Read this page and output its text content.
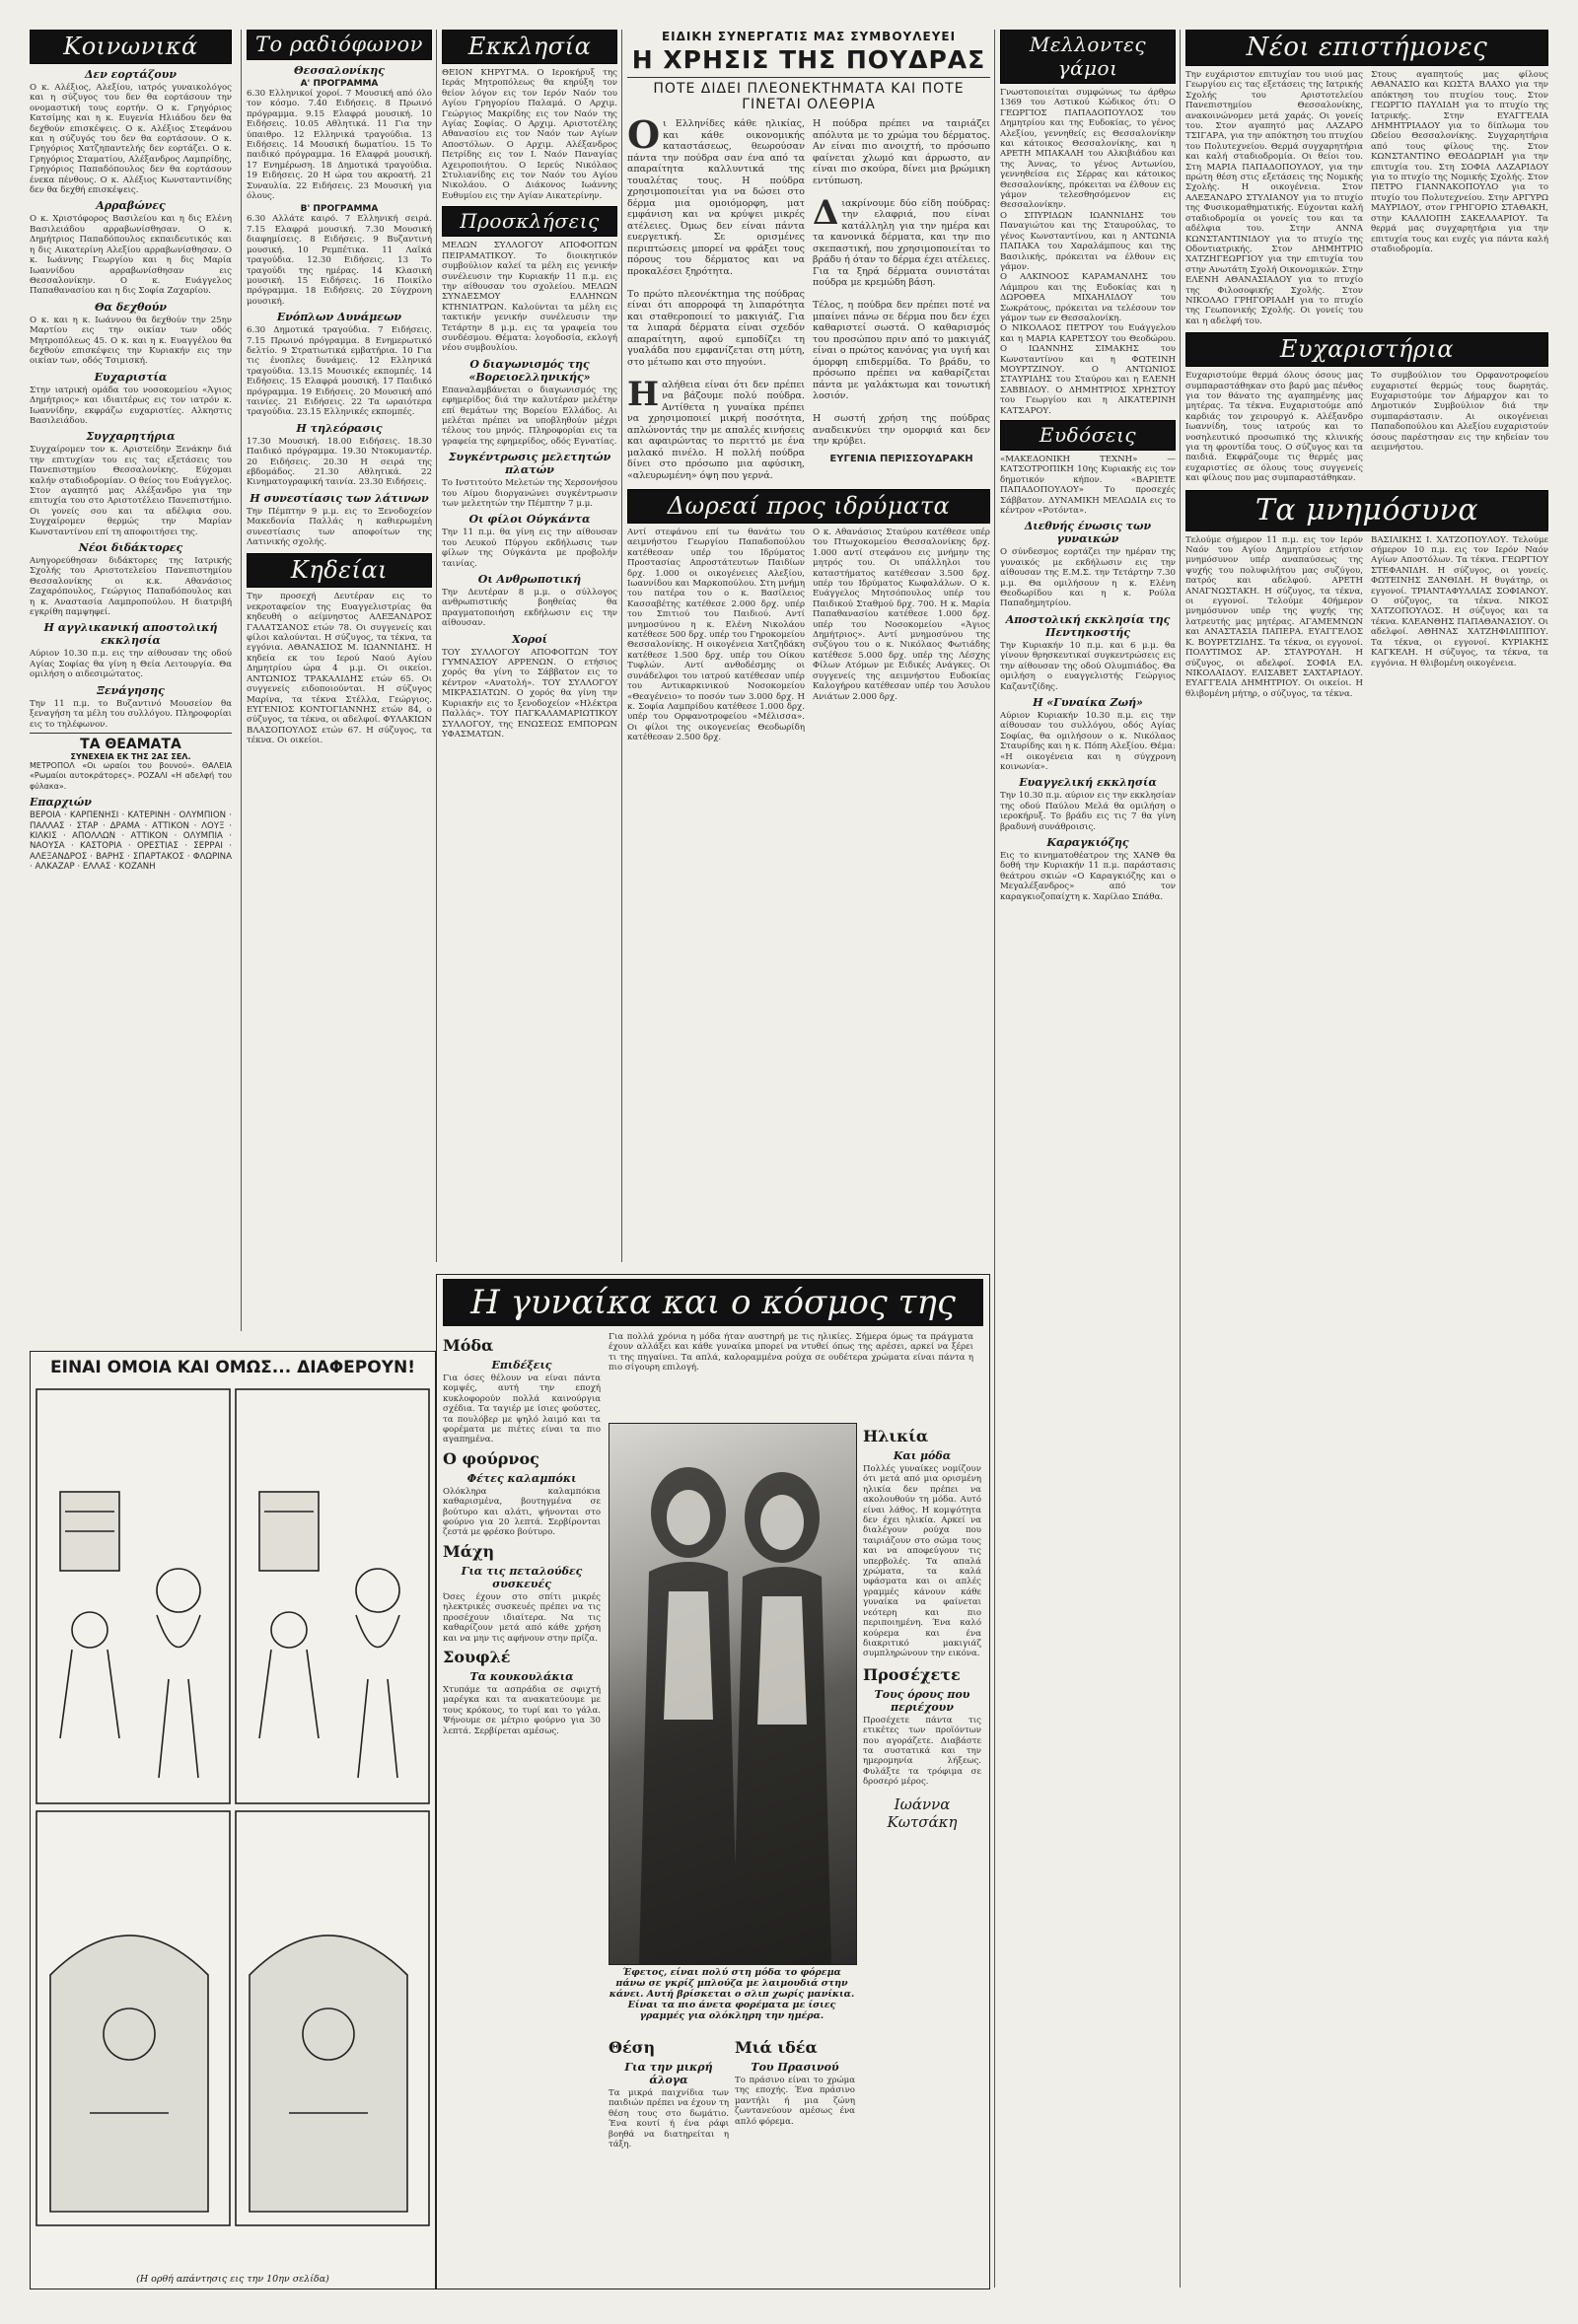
Κοινωνικά
Δεν εορτάζουν
Ο κ. Αλέξιος, Αλεξίου, ιατρός γυναικολόγος και η σύζυγος του δεν θα εορτάσουν την ονομαστική τους εορτήν. Ο κ. Γρηγόριος Κατσίμης και η κ. Ευγενία Ηλιάδου δεν θα δεχθούν επισκέψεις. Ο κ. Αλέξιος Στεφάνου και η σύζυγός του δεν θα εορτάσουν. Ο κ. Γρηγόριος Χατζηπαντελής δεν εορτάζει. Ο κ. Γρηγόριος Σταματίου, Αλέξανδρος Λαμπρίδης, Γρηγόριος Παπαδόπουλος δεν θα εορτάσουν ένεκα πένθους. Ο κ. Αλέξιος Κωνσταντινίδης δεν θα δεχθή επισκέψεις.
Αρραβώνες
Ο κ. Χριστόφορος Βασιλείου και η δις Ελένη Βασιλειάδου αρραβωνίσθησαν. Ο κ. Δημήτριος Παπαδόπουλος εκπαιδευτικός και η δις Αικατερίνη Αλεξίου αρραβωνίσθησαν. Ο κ. Ιωάννης Γεωργίου και η δις Μαρία Ιωαννίδου αρραβωνίσθησαν εις Θεσσαλονίκην. Ο κ. Ευάγγελος Παπαθανασίου και η δις Σοφία Ζαχαρίου.
Θα δεχθούν
Ο κ. και η κ. Ιωάννου θα δεχθούν την 25ην Μαρτίου εις την οικίαν των οδός Μητροπόλεως 45. Ο κ. και η κ. Ευαγγέλου θα δεχθούν επισκέψεις την Κυριακήν εις την οικίαν των, οδός Τσιμισκή.
Ευχαριστία
Στην ιατρική ομάδα του νοσοκομείου «Άγιος Δημήτριος» και ιδιαιτέρως εις τον ιατρόν κ. Ιωαννίδην, εκφράζω ευχαριστίες. Αλκηστις Βασιλειάδου.
Συγχαρητήρια
Συγχαίρομεν τον κ. Αριστείδην Ξενάκην διά την επιτυχίαν του εις τας εξετάσεις του Πανεπιστημίου Θεσσαλονίκης. Εύχομαι καλήν σταδιοδρομίαν. Ο θείος του Ευάγγελος. Στον αγαπητό μας Αλέξανδρο για την επιτυχία του στο Αριστοτέλειο Πανεπιστήμιο. Οι γονείς σου και τα αδέλφια σου. Συγχαίρομεν θερμώς την Μαρίαν Κωνσταντίνου επί τη αποφοιτήσει της.
Νέοι διδάκτορες
Ανηγορεύθησαν διδάκτορες της Ιατρικής Σχολής του Αριστοτελείου Πανεπιστημίου Θεσσαλονίκης οι κ.κ. Αθανάσιος Ζαχαρόπουλος, Γεώργιος Παπαδόπουλος και η κ. Αναστασία Λαμπροπούλου. Η διατριβή εγκρίθη παμψηφεί.
Η αγγλικανική αποστολική εκκλησία
Αύριον 10.30 π.μ. εις την αίθουσαν της οδού Αγίας Σοφίας θα γίνη η Θεία Λειτουργία. Θα ομιλήση ο αιδεσιμώτατος.
Ξενάγησης
Την 11 π.μ. το Βυζαντινό Μουσείον θα ξεναγήση τα μέλη του συλλόγου. Πληροφορίαι εις το τηλέφωνον.
ΤΑ ΘΕΑΜΑΤΑ
ΣΥΝΕΧΕΙΑ ΕΚ ΤΗΣ 2ΑΣ ΣΕΛ.
ΜΕΤΡΟΠΟΛ «Οι ωραίοι του βουνού». ΘΑΛΕΙΑ «Ρωμαίοι αυτοκράτορες». ΡΟΖΑΛΙ «Η αδελφή του φύλακα».
Επαρχιών
ΒΕΡΟΙΑ · ΚΑΡΠΕΝΗΣΙ · ΚΑΤΕΡΙΝΗ · ΟΛΥΜΠΙΟΝ · ΠΑΛΛΑΣ · ΣΤΑΡ · ΔΡΑΜΑ · ΑΤΤΙΚΟΝ · ΛΟΥΞ · ΚΙΛΚΙΣ · ΑΠΟΛΛΩΝ · ΑΤΤΙΚΟΝ · ΟΛΥΜΠΙΑ · ΝΑΟΥΣΑ · ΚΑΣΤΟΡΙΑ · ΟΡΕΣΤΙΑΣ · ΣΕΡΡΑΙ · ΑΛΕΞΑΝΔΡΟΣ · ΒΑΡΗΣ · ΣΠΑΡΤΑΚΟΣ · ΦΛΩΡΙΝΑ · ΑΛΚΑΖΑΡ · ΕΛΛΑΣ · ΚΟΖΑΝΗ
ΕΙΝΑΙ ΟΜΟΙΑ ΚΑΙ ΟΜΩΣ... ΔΙΑΦΕΡΟΥΝ!
(Η ορθή απάντησις εις την 10ην σελίδα)
Το ραδιόφωνον
Θεσσαλονίκης
Α' ΠΡΟΓΡΑΜΜΑ
6.30 Ελληνικοί χοροί. 7 Μουσική από όλο τον κόσμο. 7.40 Ειδήσεις. 8 Πρωινό πρόγραμμα. 9.15 Ελαφρά μουσική. 10 Ειδήσεις. 10.05 Αθλητικά. 11 Για την ύπαιθρο. 12 Ελληνικά τραγούδια. 13 Ειδήσεις. 14 Μουσική δωματίου. 15 Το παιδικό πρόγραμμα. 16 Ελαφρά μουσική. 17 Ενημέρωση. 18 Δημοτικά τραγούδια. 19 Ειδήσεις. 20 Η ώρα του ακροατή. 21 Συναυλία. 22 Ειδήσεις. 23 Μουσική για όλους.
Β' ΠΡΟΓΡΑΜΜΑ
6.30 Αλλάτε καιρό. 7 Ελληνική σειρά. 7.15 Ελαφρά μουσική. 7.30 Μουσική διαφημίσεις. 8 Ειδήσεις. 9 Βυζαντινή μουσική. 10 Ρεμπέτικα. 11 Λαϊκά τραγούδια. 12.30 Ειδήσεις. 13 Το τραγούδι της ημέρας. 14 Κλασική μουσική. 15 Ειδήσεις. 16 Ποικίλο πρόγραμμα. 18 Ειδήσεις. 20 Σύγχρονη μουσική.
Ενόπλων Δυνάμεων
6.30 Δημοτικά τραγούδια. 7 Ειδήσεις. 7.15 Πρωινό πρόγραμμα. 8 Ενημερωτικό δελτίο. 9 Στρατιωτικά εμβατήρια. 10 Για τις ένοπλες δυνάμεις. 12 Ελληνικά τραγούδια. 13.15 Μουσικές εκπομπές. 14 Ειδήσεις. 15 Ελαφρά μουσική. 17 Παιδικό πρόγραμμα. 19 Ειδήσεις. 20 Μουσική από ταινίες. 21 Ειδήσεις. 22 Τα ωραιότερα τραγούδια. 23.15 Ελληνικές εκπομπές.
Η τηλεόρασις
17.30 Μουσική. 18.00 Ειδήσεις. 18.30 Παιδικό πρόγραμμα. 19.30 Ντοκυμαντέρ. 20 Ειδήσεις. 20.30 Η σειρά της εβδομάδος. 21.30 Αθλητικά. 22 Κινηματογραφική ταινία. 23.30 Ειδήσεις.
Η συνεστίασις των λάτινων
Την Πέμπτην 9 μ.μ. εις το Ξενοδοχείον Μακεδονία Παλλάς η καθιερωμένη συνεστίασις των αποφοίτων της Λατινικής σχολής.
Κηδείαι
Την προσεχή Δευτέραν εις το νεκροταφείον της Ευαγγελιστρίας θα κηδευθή ο αείμνηστος ΑΛΕΞΑΝΔΡΟΣ ΓΑΛΑΤΣΑΝΟΣ ετών 78. Οι συγγενείς και φίλοι καλούνται. Η σύζυγος, τα τέκνα, τα εγγόνια. ΑΘΑΝΑΣΙΟΣ Μ. ΙΩΑΝΝΙΔΗΣ. Η κηδεία εκ του Ιερού Ναού Αγίου Δημητρίου ώρα 4 μ.μ. Οι οικείοι. ΑΝΤΩΝΙΟΣ ΤΡΑΚΑΛΙΔΗΣ ετών 65. Οι συγγενείς ειδοποιούνται. Η σύζυγος Μαρίνα, τα τέκνα Στέλλα, Γεώργιος. ΕΥΓΕΝΙΟΣ ΚΟΝΤΟΓΙΑΝΝΗΣ ετών 84, ο σύζυγος, τα τέκνα, οι αδελφοί. ΦΥΛΑΚΙΩΝ ΒΛΑΣΟΠΟΥΛΟΣ ετών 67. Η σύζυγος, τα τέκνα. Οι οικείοι.
Εκκλησία
ΘΕΙΟΝ ΚΗΡΥΓΜΑ. Ο Ιεροκήρυξ της Ιεράς Μητροπόλεως θα κηρύξη τον θείον λόγον εις τον Ιερόν Ναόν του Αγίου Γρηγορίου Παλαμά. Ο Αρχιμ. Γεώργιος Μακρίδης εις τον Ναόν της Αγίας Σοφίας. Ο Αρχιμ. Αριστοτέλης Αθανασίου εις τον Ναόν των Αγίων Αποστόλων. Ο Αρχιμ. Αλέξανδρος Πετρίδης εις τον Ι. Ναόν Παναγίας Αχειροποιήτου. Ο Ιερεύς Νικόλαος Στυλιανίδης εις τον Ναόν του Αγίου Νικολάου. Ο Διάκονος Ιωάννης Ευθυμίου εις την Αγίαν Αικατερίνην.
Προσκλήσεις
ΜΕΛΩΝ ΣΥΛΛΟΓΟΥ ΑΠΟΦΟΙΤΩΝ ΠΕΙΡΑΜΑΤΙΚΟΥ. Το διοικητικόν συμβούλιον καλεί τα μέλη εις γενικήν συνέλευσιν την Κυριακήν 11 π.μ. εις την αίθουσαν του σχολείου. ΜΕΛΩΝ ΣΥΝΔΕΣΜΟΥ ΕΛΛΗΝΩΝ ΚΤΗΝΙΑΤΡΩΝ. Καλούνται τα μέλη εις τακτικήν γενικήν συνέλευσιν την Τετάρτην 8 μ.μ. εις τα γραφεία του συνδέσμου. Θέματα: λογοδοσία, εκλογή νέου συμβουλίου.
Ο διαγωνισμός της «Βορειοελληνικής»
Επαναλαμβάνεται ο διαγωνισμός της εφημερίδος διά την καλυτέραν μελέτην επί θεμάτων της Βορείου Ελλάδος. Αι μελέται πρέπει να υποβληθούν μέχρι τέλους του μηνός. Πληροφορίαι εις τα γραφεία της εφημερίδος, οδός Εγνατίας.
Συγκέντρωσις μελετητών πλατών
Το Ινστιτούτο Μελετών της Χερσονήσου του Αίμου διοργανώνει συγκέντρωσιν των μελετητών την Πέμπτην 7 μ.μ.
Οι φίλοι Ούγκάντα
Την 11 π.μ. θα γίνη εις την αίθουσαν του Λευκού Πύργου εκδήλωσις των φίλων της Ούγκάντα με προβολήν ταινίας.
Οι Ανθρωποτική
Την Δευτέραν 8 μ.μ. ο σύλλογος ανθρωπιστικής βοηθείας θα πραγματοποιήση εκδήλωσιν εις την αίθουσαν.
Χοροί
ΤΟΥ ΣΥΛΛΟΓΟΥ ΑΠΟΦΟΙΤΩΝ ΤΟΥ ΓΥΜΝΑΣΙΟΥ ΑΡΡΕΝΩΝ. Ο ετήσιος χορός θα γίνη το Σάββατον εις το κέντρον «Ανατολή». ΤΟΥ ΣΥΛΛΟΓΟΥ ΜΙΚΡΑΣΙΑΤΩΝ. Ο χορός θα γίνη την Κυριακήν εις το ξενοδοχείον «Ηλέκτρα Παλλάς». ΤΟΥ ΠΑΓΚΑΛΑΜΑΡΙΩΤΙΚΟΥ ΣΥΛΛΟΓΟΥ, της ΕΝΩΣΕΩΣ ΕΜΠΟΡΩΝ ΥΦΑΣΜΑΤΩΝ.
ΕΙΔΙΚΗ ΣΥΝΕΡΓΑΤΙΣ ΜΑΣ ΣΥΜΒΟΥΛΕΥΕΙ
Η ΧΡΗΣΙΣ ΤΗΣ ΠΟΥΔΡΑΣ
ΠΟΤΕ ΔΙΔΕΙ ΠΛΕΟΝΕΚΤΗΜΑΤΑ ΚΑΙ ΠΟΤΕ ΓΙΝΕΤΑΙ ΟΛΕΘΡΙΑ
Οι Ελληνίδες κάθε ηλικίας, και κάθε οικονομικής καταστάσεως, θεωρούσαν πάντα την πούδρα σαν ένα από τα απαραίτητα καλλυντικά της τουαλέτας τους. Η πούδρα χρησιμοποιείται για να δώσει στο δέρμα μια ομοιόμορφη, ματ εμφάνιση και να κρύψει μικρές ατέλειες. Όμως δεν είναι πάντα ευεργετική. Σε ορισμένες περιπτώσεις μπορεί να φράξει τους πόρους του δέρματος και να προκαλέσει ξηρότητα.

Το πρώτο πλεονέκτημα της πούδρας είναι ότι απορροφά τη λιπαρότητα και σταθεροποιεί το μακιγιάζ. Για τα λιπαρά δέρματα είναι σχεδόν απαραίτητη, αφού εμποδίζει τη γυαλάδα που εμφανίζεται στη μύτη, στο μέτωπο και στο πηγούνι.

Η αλήθεια είναι ότι δεν πρέπει να βάζουμε πολύ πούδρα. Αντίθετα η γυναίκα πρέπει να χρησιμοποιεί μικρή ποσότητα, απλώνοντάς την με απαλές κινήσεις και αφαιρώντας το περιττό με ένα μαλακό πινέλο. Η πολλή πούδρα δίνει στο πρόσωπο μια αφύσικη, «αλευρωμένη» όψη που γερνά.
Η πούδρα πρέπει να ταιριάζει απόλυτα με το χρώμα του δέρματος. Αν είναι πιο ανοιχτή, το πρόσωπο φαίνεται χλωμό και άρρωστο, αν είναι πιο σκούρα, δίνει μια βρώμικη εντύπωση.

Δ ιακρίνουμε δύο είδη πούδρας: την ελαφριά, που είναι κατάλληλη για την ημέρα και τα κανονικά δέρματα, και την πιο σκεπαστική, που χρησιμοποιείται το βράδυ ή όταν το δέρμα έχει ατέλειες. Για τα ξηρά δέρματα συνιστάται πούδρα με κρεμώδη βάση.

Τέλος, η πούδρα δεν πρέπει ποτέ να μπαίνει πάνω σε δέρμα που δεν έχει καθαριστεί σωστά. Ο καθαρισμός του προσώπου πριν από το μακιγιάζ είναι ο πρώτος κανόνας για υγιή και όμορφη επιδερμίδα. Το βράδυ, το πρόσωπο πρέπει να καθαρίζεται πάντα με γαλάκτωμα και τονωτική λοσιόν.

Η σωστή χρήση της πούδρας αναδεικνύει την ομορφιά και δεν την κρύβει.
ΕΥΓΕΝΙΑ ΠΕΡΙΣΣΟΥΔΡΑΚΗ
Δωρεαί προς ιδρύματα
Αντί στεφάνου επί τω θανάτω του αειμνήστου Γεωργίου Παπαδοπούλου κατέθεσαν υπέρ του Ιδρύματος Προστασίας Απροστάτευτων Παιδίων δρχ. 1.000 οι οικογένειες Αλεξίου, Ιωαννίδου και Μαρκοπούλου. Στη μνήμη του πατέρα του ο κ. Βασίλειος Κασσαβέτης κατέθεσε 2.000 δρχ. υπέρ του Σπιτιού του Παιδιού. Αντί μνημοσύνου η κ. Ελένη Νικολάου κατέθεσε 500 δρχ. υπέρ του Γηροκομείου Θεσσαλονίκης. Η οικογένεια Χατζηδάκη κατέθεσε 1.500 δρχ. υπέρ του Οίκου Τυφλών. Αντί ανθοδέσμης οι συνάδελφοι του ιατρού κατέθεσαν υπέρ του Αντικαρκινικού Νοσοκομείου «Θεαγένειο» το ποσόν των 3.000 δρχ. Η κ. Σοφία Λαμπρίδου κατέθεσε 1.000 δρχ. υπέρ του Ορφανοτροφείου «Μέλισσα». Οι φίλοι της οικογενείας Θεοδωρίδη κατέθεσαν 2.500 δρχ.
Ο κ. Αθανάσιος Σταύρου κατέθεσε υπέρ του Πτωχοκομείου Θεσσαλονίκης δρχ. 1.000 αντί στεφάνου εις μνήμην της μητρός του. Οι υπάλληλοι του καταστήματος κατέθεσαν 3.500 δρχ. υπέρ του Ιδρύματος Κωφαλάλων. Ο κ. Ευάγγελος Μητσόπουλος υπέρ του Παιδικού Σταθμού δρχ. 700. Η κ. Μαρία Παπαθανασίου κατέθεσε 1.000 δρχ. υπέρ του Νοσοκομείου «Άγιος Δημήτριος». Αντί μνημοσύνου της συζύγου του ο κ. Νικόλαος Φωτιάδης κατέθεσε 5.000 δρχ. υπέρ της Λέσχης Φίλων Ατόμων με Ειδικές Ανάγκες. Οι συγγενείς της αειμνήστου Ευδοκίας Καλογήρου κατέθεσαν υπέρ του Άσυλου Ανιάτων 2.000 δρχ.
Μελλοντες γάμοι
Γνωστοποιείται συμφώνως τω άρθρω 1369 του Αστικού Κώδικος ότι: Ο ΓΕΩΡΓΙΟΣ ΠΑΠΑΔΟΠΟΥΛΟΣ του Δημητρίου και της Ευδοκίας, το γένος Αλεξίου, γεννηθείς εις Θεσσαλονίκην και κάτοικος Θεσσαλονίκης, και η ΑΡΕΤΗ ΜΠΑΚΑΛΗ του Αλκιβιάδου και της Άννας, το γένος Αντωνίου, γεννηθείσα εις Σέρρας και κάτοικος Θεσσαλονίκης, πρόκειται να έλθουν εις γάμον τελεσθησόμενον εις Θεσσαλονίκην.
Ο ΣΠΥΡΙΔΩΝ ΙΩΑΝΝΙΔΗΣ του Παναγιώτου και της Σταυρούλας, το γένος Κωνσταντίνου, και η ΑΝΤΩΝΙΑ ΠΑΠΑΚΑ του Χαραλάμπους και της Βασιλικής, πρόκειται να έλθουν εις γάμον.
Ο ΑΛΚΙΝΟΟΣ ΚΑΡΑΜΑΝΛΗΣ του Λάμπρου και της Ευδοκίας και η ΔΩΡΟΘΕΑ ΜΙΧΑΗΛΙΔΟΥ του Σωκράτους, πρόκειται να τελέσουν τον γάμον των εν Θεσσαλονίκη.
Ο ΝΙΚΟΛΑΟΣ ΠΕΤΡΟΥ του Ευάγγελου και η ΜΑΡΙΑ ΚΑΡΕΤΣΟΥ του Θεοδώρου. Ο ΙΩΑΝΝΗΣ ΣΙΜΑΚΗΣ του Κωνσταντίνου και η ΦΩΤΕΙΝΗ ΜΟΥΡΤΖΙΝΟΥ. Ο ΑΝΤΩΝΙΟΣ ΣΤΑΥΡΙΔΗΣ του Σταύρου και η ΕΛΕΝΗ ΣΑΒΒΙΔΟΥ. Ο ΔΗΜΗΤΡΙΟΣ ΧΡΗΣΤΟΥ του Γεωργίου και η ΑΙΚΑΤΕΡΙΝΗ ΚΑΤΣΑΡΟΥ.
Ευδόσεις
«ΜΑΚΕΔΟΝΙΚΗ ΤΕΧΝΗ» — ΚΑΤΣΟΤΡΟΠΙΚΗ 10ης Κυριακής εις τον δημοτικόν κήπον. «ΒΑΡΙΕΤΕ ΠΑΠΑΔΟΠΟΥΛΟΥ» Το προσεχές Σάββατον. ΔΥΝΑΜΙΚΗ ΜΕΛΩΔΙΑ εις το κέντρον «Ροτόντα».
Διεθνής ένωσις των γυναικών
Ο σύνδεσμος εορτάζει την ημέραν της γυναικός με εκδήλωσιν εις την αίθουσαν της Ε.Μ.Σ. την Τετάρτην 7.30 μ.μ. Θα ομιλήσουν η κ. Ελένη Θεοδωρίδου και η κ. Ρούλα Παπαδημητρίου.
Αποστολική εκκλησία της Πεντηκοστής
Την Κυριακήν 10 π.μ. και 6 μ.μ. θα γίνουν θρησκευτικαί συγκεντρώσεις εις την αίθουσαν της οδού Ολυμπιάδος. Θα ομιλήση ο ευαγγελιστής Γεώργιος Καζαντζίδης.
Η «Γυναίκα Ζωή»
Αύριον Κυριακήν 10.30 π.μ. εις την αίθουσαν του συλλόγου, οδός Αγίας Σοφίας, θα ομιλήσουν ο κ. Νικόλαος Σταυρίδης και η κ. Πόπη Αλεξίου. Θέμα: «Η οικογένεια και η σύγχρονη κοινωνία».
Ευαγγελική εκκλησία
Την 10.30 π.μ. αύριον εις την εκκλησίαν της οδού Παύλου Μελά θα ομιλήση ο ιεροκήρυξ. Το βράδυ εις τις 7 θα γίνη βραδυνή συνάθροισις.
Καραγκιόζης
Εις το κινηματοθέατρον της ΧΑΝΘ θα δοθή την Κυριακήν 11 π.μ. παράστασις θεάτρου σκιών «Ο Καραγκιόζης και ο Μεγαλέξανδρος» από τον καραγκιοζοπαίχτη κ. Χαρίλαο Σπάθα.
Νέοι επιστήμονες
Την ευχάριστον επιτυχίαν του υιού μας Γεωργίου εις τας εξετάσεις της Ιατρικής Σχολής του Αριστοτελείου Πανεπιστημίου Θεσσαλονίκης, ανακοινώνομεν μετά χαράς. Οι γονείς του. Στον αγαπητό μας ΛΑΖΑΡΟ ΤΣΙΓΑΡΑ, για την απόκτηση του πτυχίου του Πολυτεχνείου. Θερμά συγχαρητήρια και καλή σταδιοδρομία. Οι θείοι του. Στη ΜΑΡΙΑ ΠΑΠΑΔΟΠΟΥΛΟΥ, για την πρώτη θέση στις εξετάσεις της Νομικής Σχολής. Η οικογένεια. Στον ΑΛΕΞΑΝΔΡΟ ΣΤΥΛΙΑΝΟΥ για το πτυχίο της Φυσικομαθηματικής. Εύχονται καλή σταδιοδρομία οι γονείς του και τα αδέλφια του. Στην ΑΝΝΑ ΚΩΝΣΤΑΝΤΙΝΙΔΟΥ για το πτυχίο της Οδοντιατρικής. Στον ΔΗΜΗΤΡΙΟ ΧΑΤΖΗΓΕΩΡΓΙΟΥ για την επιτυχία του στην Ανωτάτη Σχολή Οικονομικών. Στην ΕΛΕΝΗ ΑΘΑΝΑΣΙΑΔΟΥ για το πτυχίο της Φιλοσοφικής Σχολής. Στον ΝΙΚΟΛΑΟ ΓΡΗΓΟΡΙΑΔΗ για το πτυχίο της Γεωπονικής Σχολής. Οι γονείς του και η αδελφή του.
Στους αγαπητούς μας φίλους ΑΘΑΝΑΣΙΟ και ΚΩΣΤΑ ΒΛΑΧΟ για την απόκτηση του πτυχίου τους. Στον ΓΕΩΡΓΙΟ ΠΑΥΛΙΔΗ για το πτυχίο της Ιατρικής. Στην ΕΥΑΓΓΕΛΙΑ ΔΗΜΗΤΡΙΑΔΟΥ για το δίπλωμα του Ωδείου Θεσσαλονίκης. Συγχαρητήρια από τους φίλους της. Στον ΚΩΝΣΤΑΝΤΙΝΟ ΘΕΟΔΩΡΙΔΗ για την επιτυχία του. Στη ΣΟΦΙΑ ΛΑΖΑΡΙΔΟΥ για το πτυχίο της Νομικής Σχολής. Στον ΠΕΤΡΟ ΓΙΑΝΝΑΚΟΠΟΥΛΟ για το πτυχίο του Πολυτεχνείου. Στην ΑΡΓΥΡΩ ΜΑΥΡΙΔΟΥ, στον ΓΡΗΓΟΡΙΟ ΣΤΑΘΑΚΗ, στην ΚΑΛΛΙΟΠΗ ΣΑΚΕΛΛΑΡΙΟΥ. Τα θερμά μας συγχαρητήρια για την επιτυχία τους και ευχές για πάντα καλή σταδιοδρομία.
Ευχαριστήρια
Ευχαριστούμε θερμά όλους όσους μας συμπαραστάθηκαν στο βαρύ μας πένθος για τον θάνατο της αγαπημένης μας μητέρας. Τα τέκνα. Ευχαριστούμε από καρδιάς τον χειρουργό κ. Αλέξανδρο Ιωαννίδη, τους ιατρούς και το νοσηλευτικό προσωπικό της κλινικής για τη φροντίδα τους. Ο σύζυγος και τα παιδιά. Εκφράζουμε τις θερμές μας ευχαριστίες σε όλους τους συγγενείς και φίλους που μας συμπαραστάθηκαν.
Το συμβούλιον του Ορφανοτροφείου ευχαριστεί θερμώς τους δωρητάς. Ευχαριστούμε τον Δήμαρχον και το Δημοτικόν Συμβούλιον διά την συμπαράστασιν. Αι οικογένειαι Παπαδοπούλου και Αλεξίου ευχαριστούν όσους παρέστησαν εις την κηδείαν του αειμνήστου.
Τα μνημόσυνα
Τελούμε σήμερον 11 π.μ. εις τον Ιερόν Ναόν του Αγίου Δημητρίου ετήσιον μνημόσυνον υπέρ αναπαύσεως της ψυχής του πολυφιλήτου μας συζύγου, πατρός και αδελφού. ΑΡΕΤΗ ΑΝΑΓΝΩΣΤΑΚΗ. Η σύζυγος, τα τέκνα, οι εγγονοί. Τελούμε 40ήμερον μνημόσυνον υπέρ της ψυχής της λατρευτής μας μητέρας. ΑΓΑΜΕΜΝΩΝ και ΑΝΑΣΤΑΣΙΑ ΠΑΠΕΡΑ. ΕΥΑΓΓΕΛΟΣ Κ. ΒΟΥΡΕΤΖΙΔΗΣ. Τα τέκνα, οι εγγονοί. ΠΟΛΥΤΙΜΟΣ ΑΡ. ΣΤΑΥΡΟΥΔΗ. Η σύζυγος, οι αδελφοί. ΣΟΦΙΑ ΕΛ. ΝΙΚΟΛΑΙΔΟΥ. ΕΛΙΣΑΒΕΤ ΣΑΧΤΑΡΙΔΟΥ. ΕΥΑΓΓΕΛΙΑ ΔΗΜΗΤΡΙΟΥ. Οι οικείοι. Η θλιβομένη μήτηρ, ο σύζυγος, τα τέκνα.
ΒΑΣΙΛΙΚΗΣ Ι. ΧΑΤΖΟΠΟΥΛΟΥ. Τελούμε σήμερον 10 π.μ. εις τον Ιερόν Ναόν Αγίων Αποστόλων. Τα τέκνα. ΓΕΩΡΓΙΟΥ ΣΤΕΦΑΝΙΔΗ. Η σύζυγος, οι γονείς. ΦΩΤΕΙΝΗΣ ΞΑΝΘΙΔΗ. Η θυγάτηρ, οι εγγονοί. ΤΡΙΑΝΤΑΦΥΛΛΙΑΣ ΣΟΦΙΑΝΟΥ. Ο σύζυγος, τα τέκνα. ΝΙΚΟΣ ΧΑΤΖΟΠΟΥΛΟΣ. Η σύζυγος και τα τέκνα. ΚΛΕΑΝΘΗΣ ΠΑΠΑΘΑΝΑΣΙΟΥ. Οι αδελφοί. ΑΘΗΝΑΣ ΧΑΤΖΗΦΙΛΙΠΠΟΥ. Τα τέκνα, οι εγγονοί. ΚΥΡΙΑΚΗΣ ΚΑΓΚΕΛΗ. Η σύζυγος, τα τέκνα, τα εγγόνια. Η θλιβομένη οικογένεια.
Η γυναίκα και ο κόσμος της
Μόδα
Επιδέξεις
Για όσες θέλουν να είναι πάντα κομψές, αυτή την εποχή κυκλοφορούν πολλά καινούργια σχέδια. Τα ταγιέρ με ίσιες φούστες, τα πουλόβερ με ψηλό λαιμό και τα φορέματα με πιέτες είναι τα πιο αγαπημένα.
Ο φούρνος
Φέτες καλαμπόκι
Ολόκληρα καλαμπόκια καθαρισμένα, βουτηγμένα σε βούτυρο και αλάτι, ψήνονται στο φούρνο για 20 λεπτά. Σερβίρονται ζεστά με φρέσκο βούτυρο.
Μάχη
Για τις πεταλούδες συσκευές
Όσες έχουν στο σπίτι μικρές ηλεκτρικές συσκευές πρέπει να τις προσέχουν ιδιαίτερα. Να τις καθαρίζουν μετά από κάθε χρήση και να μην τις αφήνουν στην πρίζα.
Σουφλέ
Τα κουκουλάκια
Χτυπάμε τα ασπράδια σε σφιχτή μαρέγκα και τα ανακατεύουμε με τους κρόκους, το τυρί και το γάλα. Ψήνουμε σε μέτριο φούρνο για 30 λεπτά. Σερβίρεται αμέσως.
Για πολλά χρόνια η μόδα ήταν αυστηρή με τις ηλικίες. Σήμερα όμως τα πράγματα έχουν αλλάξει και κάθε γυναίκα μπορεί να ντυθεί όπως της αρέσει, αρκεί να ξέρει τι της πηγαίνει. Τα απλά, καλοραμμένα ρούχα σε ουδέτερα χρώματα είναι πάντα η πιο σίγουρη επιλογή.
Έφετος, είναι πολύ στη μόδα το φόρεμα πάνω σε γκρίζ μπλούζα με λαιμουδιά στην κάνει. Αυτή βρίσκεται ο σλιπ χωρίς μανίκια. Είναι τα πιο άνετα φορέματα με ίσιες γραμμές για ολόκληρη την ημέρα.
Ηλικία
Και μόδα
Πολλές γυναίκες νομίζουν ότι μετά από μια ορισμένη ηλικία δεν πρέπει να ακολουθούν τη μόδα. Αυτό είναι λάθος. Η κομψότητα δεν έχει ηλικία. Αρκεί να διαλέγουν ρούχα που ταιριάζουν στο σώμα τους και να αποφεύγουν τις υπερβολές. Τα απαλά χρώματα, τα καλά υφάσματα και οι απλές γραμμές κάνουν κάθε γυναίκα να φαίνεται νεότερη και πιο περιποιημένη. Ένα καλό κούρεμα και ένα διακριτικό μακιγιάζ συμπληρώνουν την εικόνα.
Προσέχετε
Τους όρους που περιέχουν
Προσέχετε πάντα τις ετικέτες των προϊόντων που αγοράζετε. Διαβάστε τα συστατικά και την ημερομηνία λήξεως. Φυλάξτε τα τρόφιμα σε δροσερό μέρος.
Ιωάννα Κωτσάκη
Θέση
Για την μικρή άλογα
Τα μικρά παιχνίδια των παιδιών πρέπει να έχουν τη θέση τους στο δωμάτιο. Ένα κουτί ή ένα ράφι βοηθά να διατηρείται η τάξη.
Μιά ιδέα
Του Πρασινού
Το πράσινο είναι το χρώμα της εποχής. Ένα πράσινο μαντήλι ή μια ζώνη ζωντανεύουν αμέσως ένα απλό φόρεμα.
